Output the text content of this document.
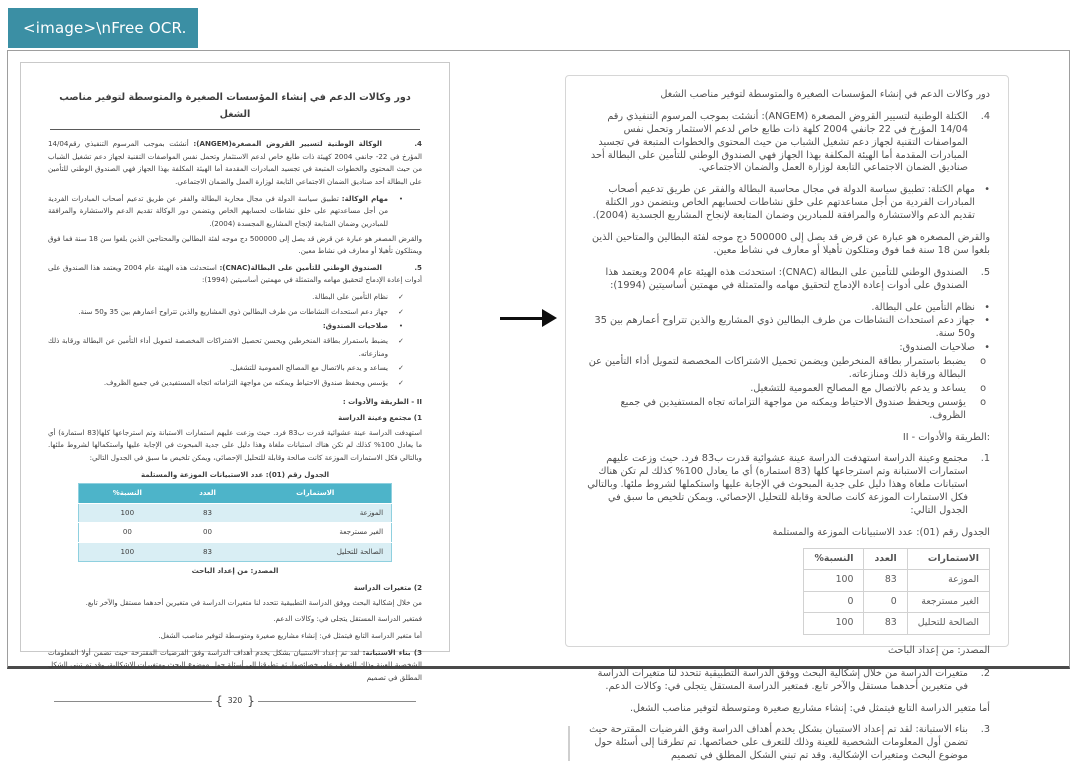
<image>\nFree OCR.
دور وكالات الدعم في إنشاء المؤسسات الصغيرة والمتوسطة لتوفير مناصب الشغل

4.الوكالة الوطنية لتسيير القروض المصغرة(ANGEM): أنشئت بموجب المرسوم التنفيذي رقم14/04 المؤرخ في 22- جانفي 2004 كهيئة ذات طابع خاص لدعم الاستثمار وتحمل نفس المواصفات التقنية لجهاز دعم تشغيل الشباب من حيث المحتوى والخطوات المتبعة في تجسيد المبادرات المقدمة أما الهيئة المكلفة بهذا الجهاز فهي الصندوق الوطني للتأمين على البطالة أحد صناديق الضمان الاجتماعي التابعة لوزارة العمل والضمان الاجتماعي.

•
مهام الوكالة: تطبيق سياسة الدولة في مجال محاربة البطالة والفقر عن طريق تدعيم أصحاب المبادرات الفردية من أجل مساعدتهم على خلق نشاطات لحسابهم الخاص ويتضمن دور الوكالة تقديم الدعم والاستشارة والمرافقة للمبادرين وضمان المتابعة لإنجاح المشاريع المجسدة (2004).

والقرض المصغر هو عبارة عن قرض قد يصل إلى 500000 دج موجه لفئة البطالين والمحتاجين الذين بلغوا سن 18 سنة فما فوق ويمتلكون تأهيلا أو معارف في نشاط معين.

5.الصندوق الوطني للتأمين على البطالة(CNAC): استحدثت هذه الهيئة عام 2004 ويعتمد هذا الصندوق على أدوات إعادة الإدماج لتحقيق مهامه والمتمثلة في مهمتين أساسيتين (1994):

✓
نظام التأمين على البطالة.
✓
جهاز دعم استحداث النشاطات من طرف البطالين ذوي المشاريع والذين تتراوح أعمارهم بين 35 و50 سنة.
•
صلاحيات الصندوق:
✓
يضبط باستمرار بطاقة المنخرطين ويحسن تحصيل الاشتراكات المخصصة لتمويل أداء التأمين عن البطالة ورقابة ذلك ومنازعاته.
✓
يساعد و يدعم بالاتصال مع المصالح العمومية للتشغيل.
✓
يؤسس ويحفظ صندوق الاحتياط ويمكنه من مواجهة التزاماته اتجاه المستفيدين في جميع الظروف.
II - الطريقة والأدوات :
1) مجتمع وعينة الدراسة

استهدفت الدراسة عينة عشوائية قدرت ب83 فرد. حيث وزعت عليهم استمارات الاستبانة وتم استرجاعها كلها(83 استمارة) أي ما يعادل 100% كذلك لم تكن هناك استبانات ملغاة وهذا دليل على جدية المبحوث في الإجابة عليها واستكمالها لشروط ملئها. وبالتالي فكل الاستمارات الموزعة كانت صالحة وقابلة للتحليل الإحصائي، ويمكن تلخيص ما سبق في الجدول التالي:

الجدول رقم (01): عدد الاستبيانات الموزعة والمستلمة
الاستمارات	العدد	النسبة%
الموزعة	83	100
الغير مسترجعة	00	00
الصالحة للتحليل	83	100
المصدر: من إعداد الباحث
2) متغيرات الدراسة

من خلال إشكالية البحث ووفق الدراسة التطبيقية تتحدد لنا متغيرات الدراسة في متغيرين أحدهما مستقل والآخر تابع.

فمتغير الدراسة المستقل يتجلى في: وكالات الدعم.

أما متغير الدراسة التابع فيتمثل في: إنشاء مشاريع صغيرة ومتوسطة لتوفير مناصب الشغل.

3) بناء الاستبانة: لقد تم إعداد الاستبيان بشكل يخدم أهداف الدراسة وفق الفرضيات المقترحة حيث تضمن أولا المعلومات الشخصية للعينة وذلك للتعرف على خصائصها، ثم تطرقنا إلى أسئلة حول موضوع البحث ومتغيرات الإشكالية، وقد تم تبني الشكل المطلق في تصميم

{
320
}
دور وكالات الدعم في إنشاء المؤسسات الصغيرة والمتوسطة لتوفير مناصب الشغل
4.
الكتلة الوطنية لتسيير القروض المصغرة (ANGEM): أنشئت بموجب المرسوم التنفيذي رقم 14/04 المؤرخ في 22 جانفي 2004 كلهة ذات طابع خاص لدعم الاستثمار وتحمل نفس المواصفات التقنية لجهاز دعم تشغيل الشباب من حيث المحتوى والخطوات المتبعة في تجسيد المبادرات المقدمة أما الهيئة المكلفة بهذا الجهاز فهي الصندوق الوطني للتأمين على البطالة أحد صناديق الضمان الاجتماعي التابعة لوزارة العمل والضمان الاجتماعي.
•
مهام الكتلة: تطبيق سياسة الدولة في مجال محاسبة البطالة والفقر عن طريق تدعيم أصحاب المبادرات الفردية من أجل مساعدتهم على خلق نشاطات لحسابهم الخاص ويتضمن دور الكتلة تقديم الدعم والاستشارة والمرافقة للمبادرين وضمان المتابعة لإنجاح المشاريع الجسدية (2004).
والقرض المصغره هو عبارة عن قرض قد يصل إلى 500000 دج موجه لفئة البطالين والمتاحين الذين بلغوا سن 18 سنة فما فوق ومتلكون تأهيلا أو معارف في نشاط معين.
5.
الصندوق الوطني للتأمين على البطالة (CNAC): استحدثت هذه الهيئة عام 2004 ويعتمد هذا الصندوق على أدوات إعادة الإدماج لتحقيق مهامه والمتمثلة في مهمتين أساسيتين (1994):
•
نظام التأمين على البطالة.
•
جهاز دعم استحداث النشاطات من طرف البطالين ذوي المشاريع والذين تتراوح أعمارهم بين 35 و50 سنة.
•
صلاحيات الصندوق:
o
يضبط باستمرار بطاقة المنخرطين ويضمن تحميل الاشتراكات المخصصة لتمويل أداء التأمين عن البطالة ورقابة ذلك ومنازعاته.
o
يساعد و يدعم بالاتصال مع المصالح العمومية للتشغيل.
o
يؤسس ويحفظ صندوق الاحتياط ويمكنه من مواجهة التزاماته تجاه المستفيدين في جميع الظروف.
:الطريقة والأدوات - II
1.
مجتمع وعينة الدراسة استهدفت الدراسة عينة عشوائية قدرت ب83 فرد. حيث وزعت عليهم استمارات الاستبانة وتم استرجاعها كلها (83 استمارة) أي ما يعادل 100% كذلك لم تكن هناك استبانات ملغاة وهذا دليل على جدية المبحوث في الإجابة عليها واستكملها لشروط ملئها. وبالتالي فكل الاستمارات الموزعة كانت صالحة وقابلة للتحليل الإحصائي. ويمكن تلخيص ما سبق في الجدول التالي:
الجدول رقم (01): عدد الاستبيانات الموزعة والمستلمة
الاستمارات	العدد	النسبة%
الموزعة	83	100
الغير مسترجعة	0	0
الصالحة للتحليل	83	100
المصدر: من إعداد الباحث
2.
متغيرات الدراسة من خلال إشكالية البحث ووفق الدراسة التطبيقية تتحدد لنا متغيرات الدراسة في متغيرين أحدهما مستقل والآخر تابع. فمتغير الدراسة المستقل يتجلى في: وكالات الدعم.
أما متغير الدراسة التابع فيتمثل في: إنشاء مشاريع صغيرة ومتوسطة لتوفير مناصب الشغل.
3.
بناء الاستبانة: لقد تم إعداد الاستبيان بشكل يخدم أهداف الدراسة وفق الفرضيات المقترحة حيث تضمن أول المعلومات الشخصية للعينة وذلك للتعرف على خصائصها. تم تطرقنا إلى أسئلة حول موضوع البحث ومتغيرات الإشكالية. وقد تم تبني الشكل المطلق في تصميم
